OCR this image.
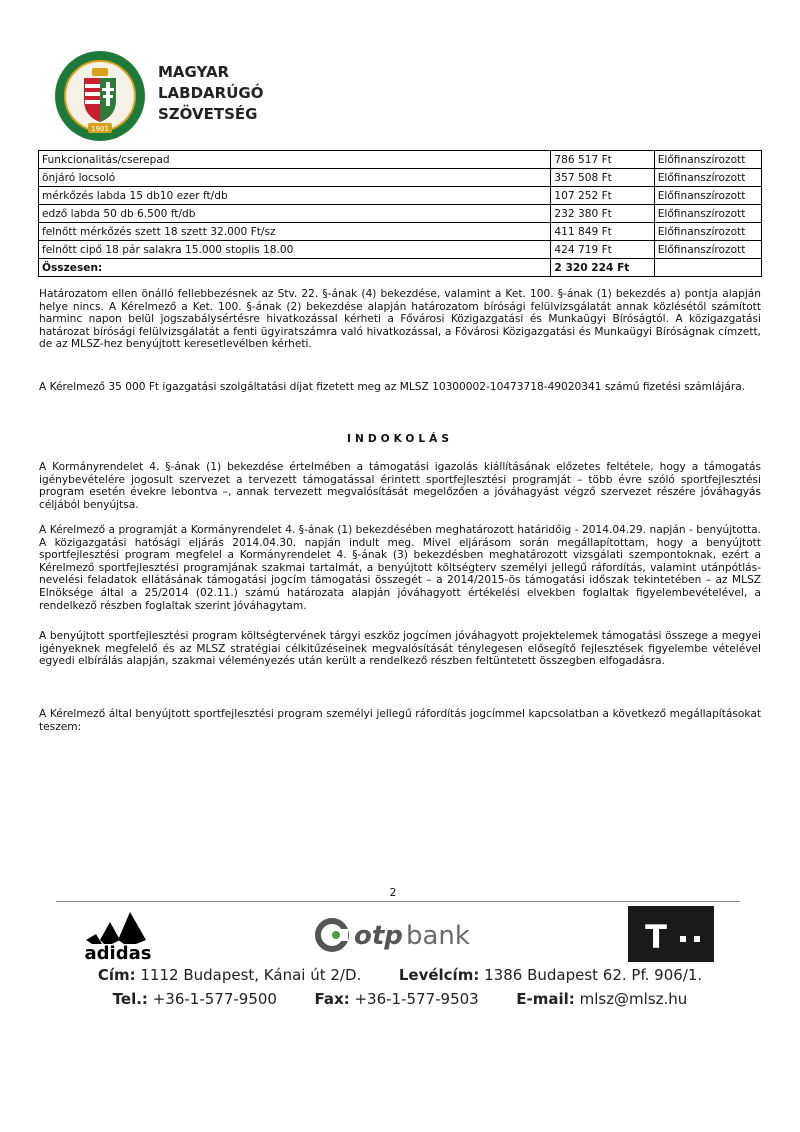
1901
MAGYAR
LABDARÚGÓ
SZÖVETSÉG
Funkcionalitás/cserepad	786 517 Ft	Előfinanszírozott
önjáró locsoló	357 508 Ft	Előfinanszírozott
mérkőzés labda 15 db10 ezer ft/db	107 252 Ft	Előfinanszírozott
edző labda 50 db 6.500 ft/db	232 380 Ft	Előfinanszírozott
felnőtt mérkőzés szett 18 szett 32.000 Ft/sz	411 849 Ft	Előfinanszírozott
felnőtt cipő 18 pár salakra 15.000 stoplis 18.00	424 719 Ft	Előfinanszírozott
Összesen:	2 320 224 Ft	

Határozatom ellen önálló fellebbezésnek az Stv. 22. §-ának (4) bekezdése, valamint a Ket. 100. §-ának (1) bekezdés a) pontja alapján helye nincs. A Kérelmező a Ket. 100. §-ának (2) bekezdése alapján határozatom bírósági felülvizsgálatát annak közlésétől számított harminc napon belül jogszabálysértésre hivatkozással kérheti a Fővárosi Közigazgatási és Munkaügyi Bíróságtól. A közigazgatási határozat bírósági felülvizsgálatát a fenti ügyiratszámra való hivatkozással, a Fővárosi Közigazgatási és Munkaügyi Bíróságnak címzett, de az MLSZ-hez benyújtott keresetlevélben kérheti.

A Kérelmező 35 000 Ft igazgatási szolgáltatási díjat fizetett meg az MLSZ 10300002-10473718-49020341 számú fizetési számlájára.

INDOKOLÁS

A Kormányrendelet 4. §-ának (1) bekezdése értelmében a támogatási igazolás kiállításának előzetes feltétele, hogy a támogatás igénybevételére jogosult szervezet a tervezett támogatással érintett sportfejlesztési programját – több évre szóló sportfejlesztési program esetén évekre lebontva –, annak tervezett megvalósítását megelőzően a jóváhagyást végző szervezet részére jóváhagyás céljából benyújtsa.

A Kérelmező a programját a Kormányrendelet 4. §-ának (1) bekezdésében meghatározott határidőig - 2014.04.29. napján - benyújtotta. A közigazgatási hatósági eljárás 2014.04.30. napján indult meg. Mivel eljárásom során megállapítottam, hogy a benyújtott sportfejlesztési program megfelel a Kormányrendelet 4. §-ának (3) bekezdésben meghatározott vizsgálati szempontoknak, ezért a Kérelmező sportfejlesztési programjának szakmai tartalmát, a benyújtott költségterv személyi jellegű ráfordítás, valamint utánpótlás-nevelési feladatok ellátásának támogatási jogcím támogatási összegét – a 2014/2015-ös támogatási időszak tekintetében – az MLSZ Elnöksége által a 25/2014 (02.11.) számú határozata alapján jóváhagyott értékelési elvekben foglaltak figyelembevételével, a rendelkező részben foglaltak szerint jóváhagytam.

A benyújtott sportfejlesztési program költségtervének tárgyi eszköz jogcímen jóváhagyott projektelemek támogatási összege a megyei igényeknek megfelelő és az MLSZ stratégiai célkitűzéseinek megvalósítását ténylegesen elősegítő fejlesztések figyelembe vételével egyedi elbírálás alapján, szakmai véleményezés után került a rendelkező részben feltüntetett összegben elfogadásra.

A Kérelmező által benyújtott sportfejlesztési program személyi jellegű ráfordítás jogcímmel kapcsolatban a következő megállapításokat teszem:

2
adidas
otp bank	T
Cím: 1112 Budapest, Kánai út 2/D.	Levélcím: 1386 Budapest 62. Pf. 906/1.
Tel.: +36-1-577-9500	Fax: +36-1-577-9503	E-mail: mlsz@mlsz.hu
